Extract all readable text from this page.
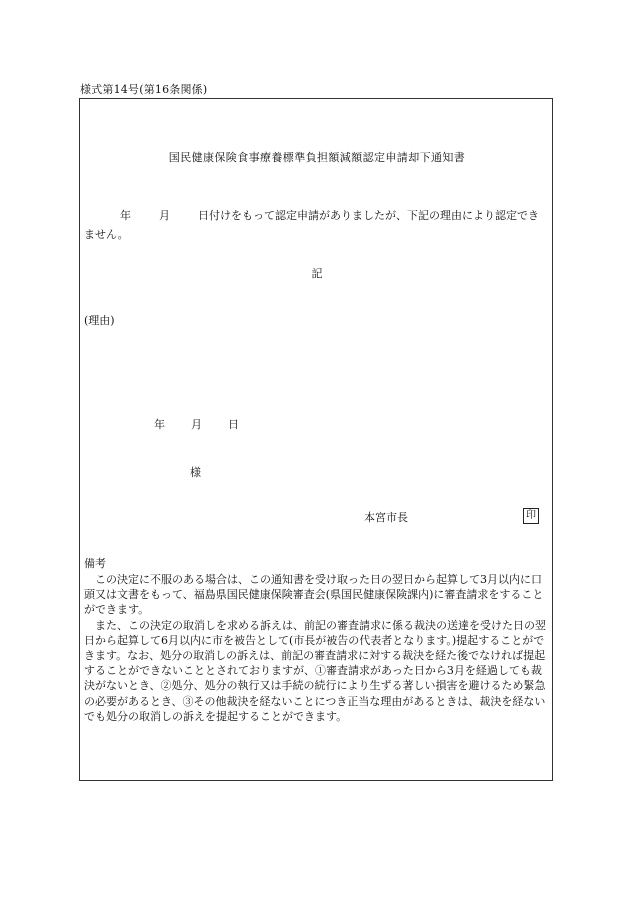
様式第14号(第16条関係)
国民健康保険食事療養標準負担額減額認定申請却下通知書
年	月	日付けをもって認定申請がありましたが、下記の理由により認定できません。
記
(理由)
年 月 日
様
本宮市長	印
備考

この決定に不服のある場合は、この通知書を受け取った日の翌日から起算して3月以内に口頭又は文書をもって、福島県国民健康保険審査会(県国民健康保険課内)に審査請求をすることができます。

また、この決定の取消しを求める訴えは、前記の審査請求に係る裁決の送達を受けた日の翌日から起算して6月以内に市を被告として(市長が被告の代表者となります。)提起することができます。なお、処分の取消しの訴えは、前記の審査請求に対する裁決を経た後でなければ提起することができないこととされておりますが、①審査請求があった日から3月を経過しても裁決がないとき、②処分、処分の執行又は手続の続行により生ずる著しい損害を避けるため緊急の必要があるとき、③その他裁決を経ないことにつき正当な理由があるときは、裁決を経ないでも処分の取消しの訴えを提起することができます。
